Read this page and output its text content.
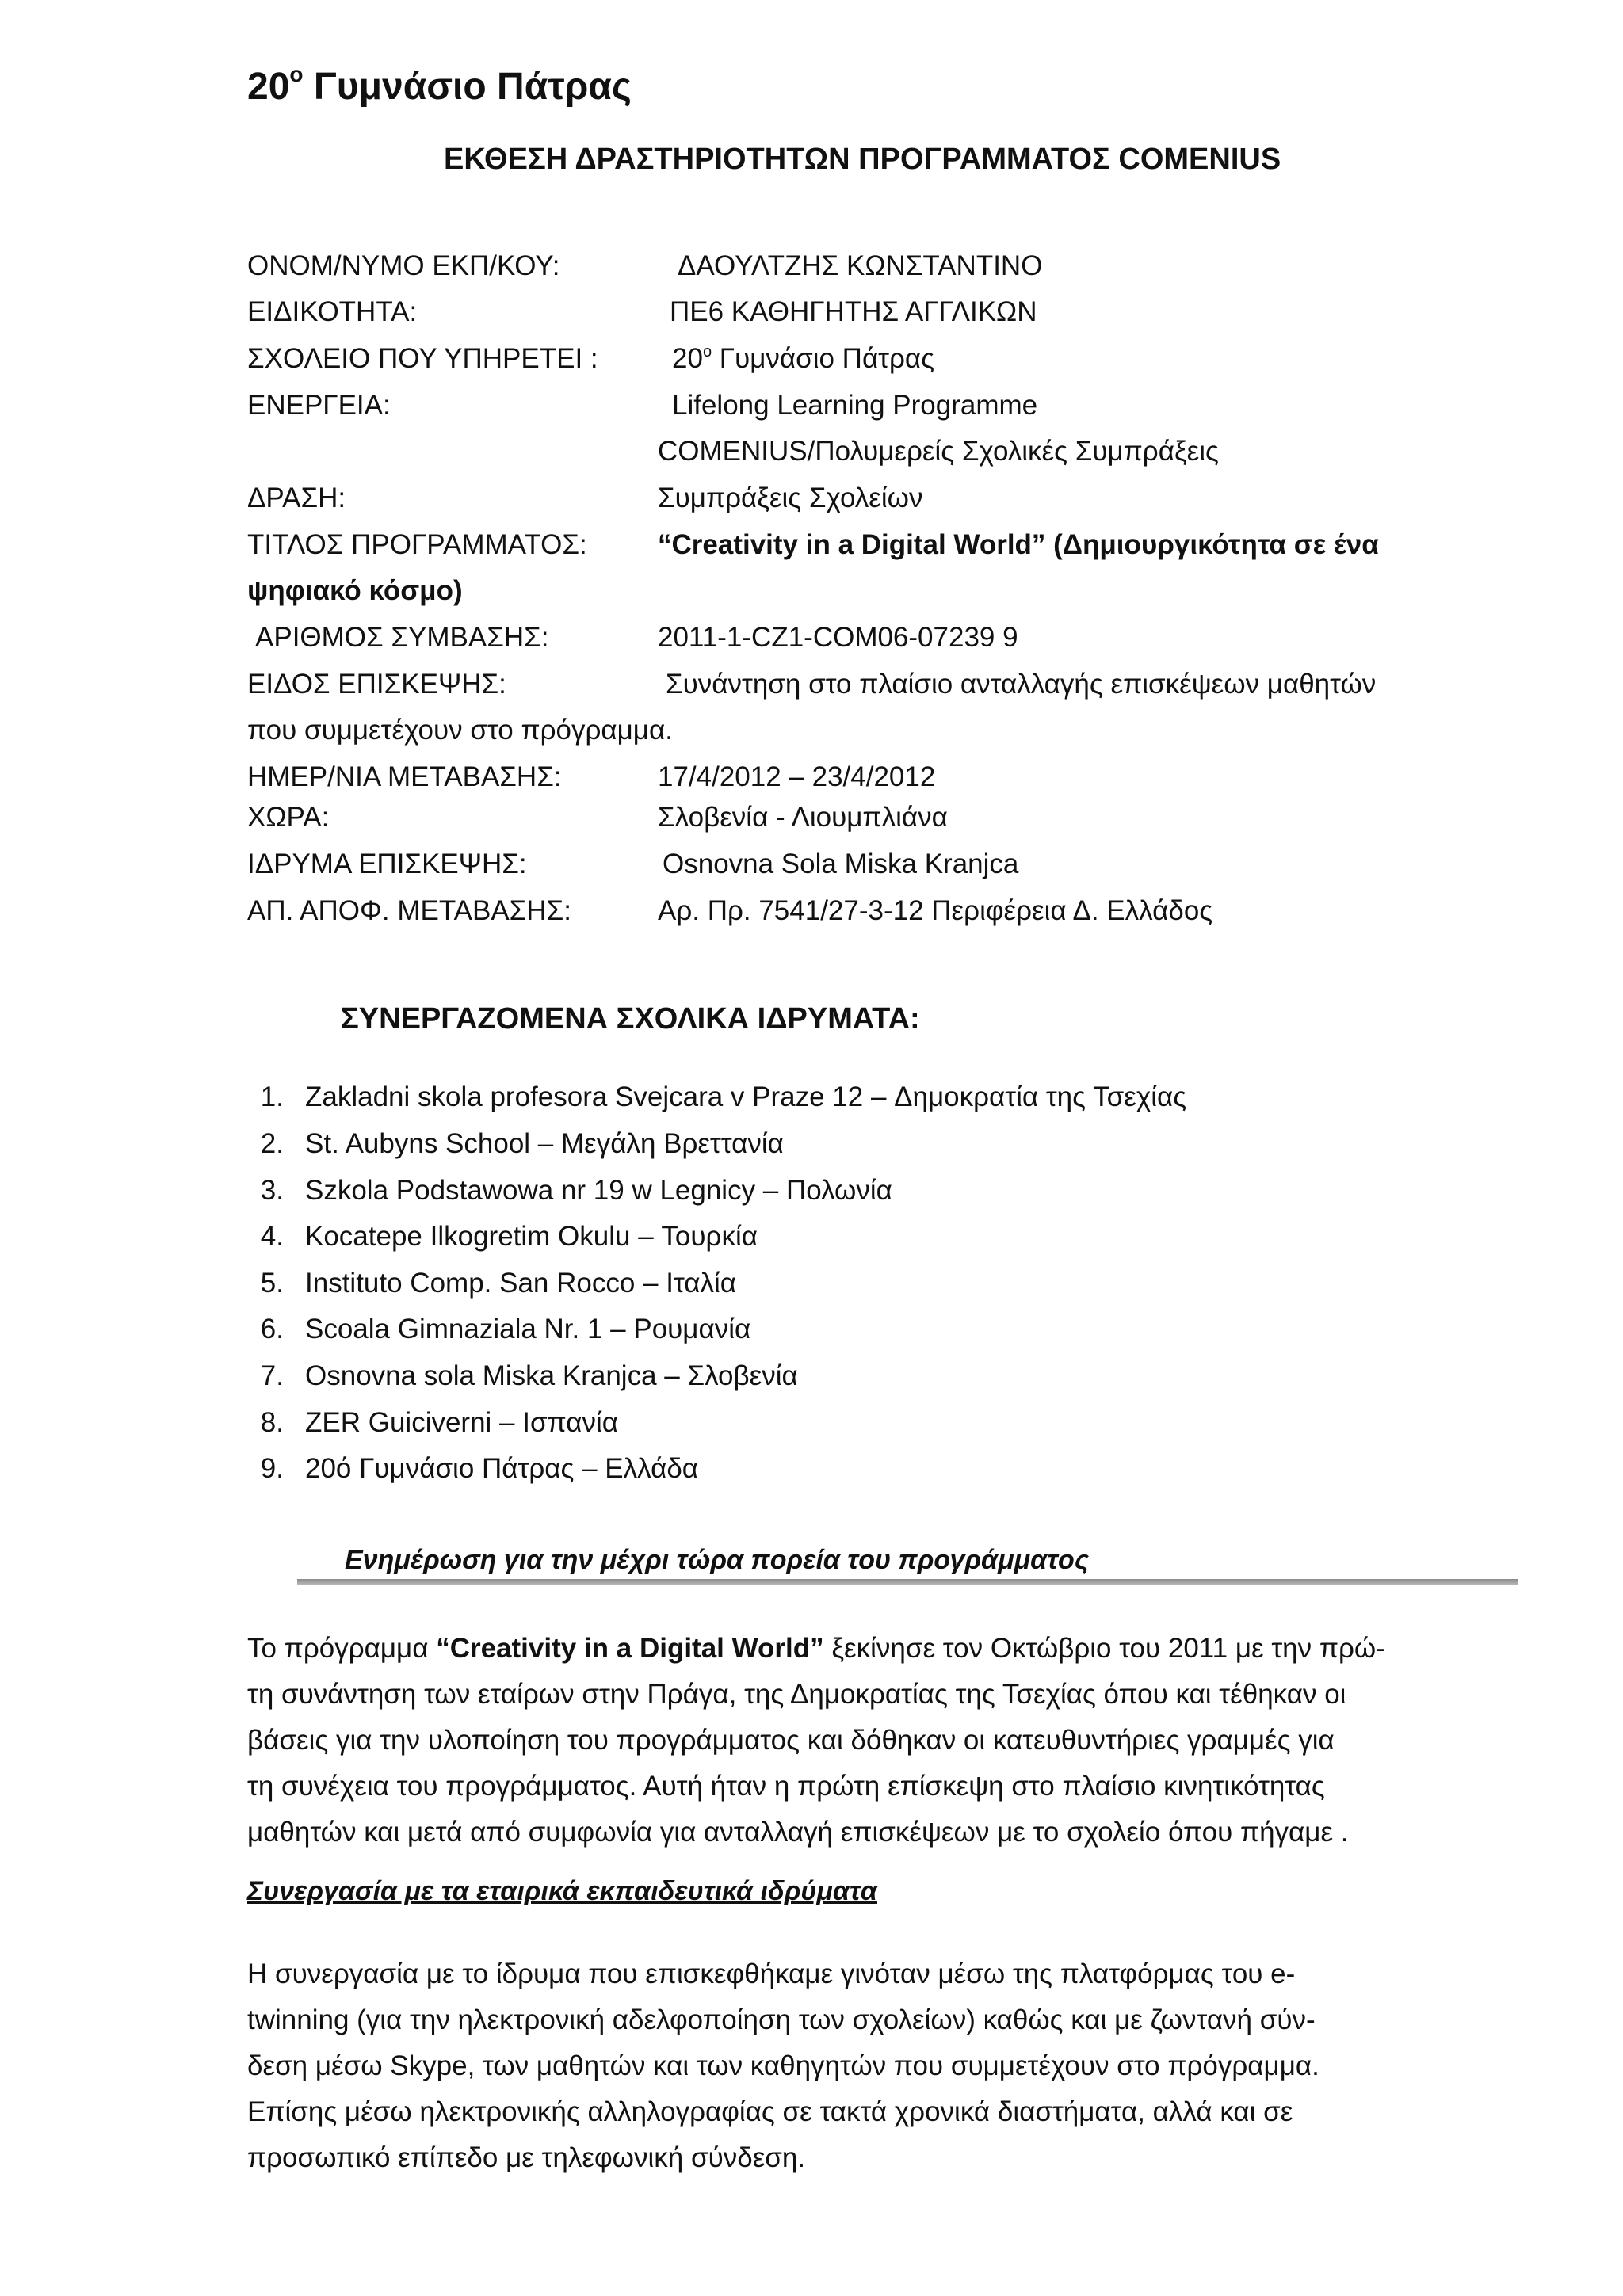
$20^o$ Γυμνάσιο Πάτρας
ΕΚΘΕΣΗ ΔΡΑΣΤΗΡΙΟΤΗΤΩΝ ΠΡΟΓΡΑΜΜΑΤΟΣ COMENIUS
ΟΝΟΜ/ΝΥΜΟ ΕΚΠ/ΚΟΥ:	ΔΑΟΥΛΤΖΗΣ ΚΩΝΣΤΑΝΤΙΝΟ
ΕΙΔΙΚΟΤΗΤΑ:	ΠΕ6 ΚΑΘΗΓΗΤΗΣ ΑΓΓΛΙΚΩΝ
ΣΧΟΛΕΙΟ ΠΟΥ ΥΠΗΡΕΤΕΙ :	$20^o$ Γυμνάσιο Πάτρας
ΕΝΕΡΓΕΙΑ:	Lifelong Learning Programme
COMENIUS/Πολυμερείς Σχολικές Συμπράξεις
ΔΡΑΣΗ:	Συμπράξεις Σχολείων
ΤΙΤΛΟΣ ΠΡΟΓΡΑΜΜΑΤΟΣ:	“Creativity in a Digital World” (Δημιουργικότητα σε ένα
ψηφιακό κόσμο)
ΑΡΙΘΜΟΣ ΣΥΜΒΑΣΗΣ:	2011-1-CZ1-COM06-07239 9
ΕΙΔΟΣ ΕΠΙΣΚΕΨΗΣ:	Συνάντηση στο πλαίσιο ανταλλαγής επισκέψεων μαθητών
που συμμετέχουν στο πρόγραμμα.
ΗΜΕΡ/ΝΙΑ ΜΕΤΑΒΑΣΗΣ:	17/4/2012 – 23/4/2012
ΧΩΡΑ:	Σλοβενία - Λιουμπλιάνα
ΙΔΡΥΜΑ ΕΠΙΣΚΕΨΗΣ:	Osnovna Sola Miska Kranjca
ΑΠ. ΑΠΟΦ. ΜΕΤΑΒΑΣΗΣ:	Αρ. Πρ. 7541/27-3-12 Περιφέρεια Δ. Ελλάδος
ΣΥΝΕΡΓΑΖΟΜΕΝΑ ΣΧΟΛΙΚΑ ΙΔΡΥΜΑΤΑ:
1. Zakladni skola profesora Svejcara v Praze 12 – Δημοκρατία της Τσεχίας
2. St. Aubyns School – Μεγάλη Βρεττανία
3. Szkola Podstawowa nr 19 w Legnicy – Πολωνία
4. Kocatepe Ilkogretim Okulu – Τουρκία
5. Instituto Comp. San Rocco – Ιταλία
6. Scoala Gimnaziala Nr. 1 – Ρουμανία
7. Osnovna sola Miska Kranjca – Σλοβενία
8. ZER Guiciverni – Ισπανία
9. 20ό Γυμνάσιο Πάτρας – Ελλάδα
Ενημέρωση για την μέχρι τώρα πορεία του προγράμματος
Το πρόγραμμα “Creativity in a Digital World” ξεκίνησε τον Οκτώβριο του 2011 με την πρώ-
τη συνάντηση των εταίρων στην Πράγα, της Δημοκρατίας της Τσεχίας όπου και τέθηκαν οι
βάσεις για την υλοποίηση του προγράμματος και δόθηκαν οι κατευθυντήριες γραμμές για
τη συνέχεια του προγράμματος. Αυτή ήταν η πρώτη επίσκεψη στο πλαίσιο κινητικότητας
μαθητών και μετά από συμφωνία για ανταλλαγή επισκέψεων με το σχολείο όπου πήγαμε .
Συνεργασία με τα εταιρικά εκπαιδευτικά ιδρύματα
Η συνεργασία με το ίδρυμα που επισκεφθήκαμε γινόταν μέσω της πλατφόρμας του e-
twinning (για την ηλεκτρονική αδελφοποίηση των σχολείων) καθώς και με ζωντανή σύν-
δεση μέσω Skype, των μαθητών και των καθηγητών που συμμετέχουν στο πρόγραμμα.
Επίσης μέσω ηλεκτρονικής αλληλογραφίας σε τακτά χρονικά διαστήματα, αλλά και σε
προσωπικό επίπεδο με τηλεφωνική σύνδεση.
